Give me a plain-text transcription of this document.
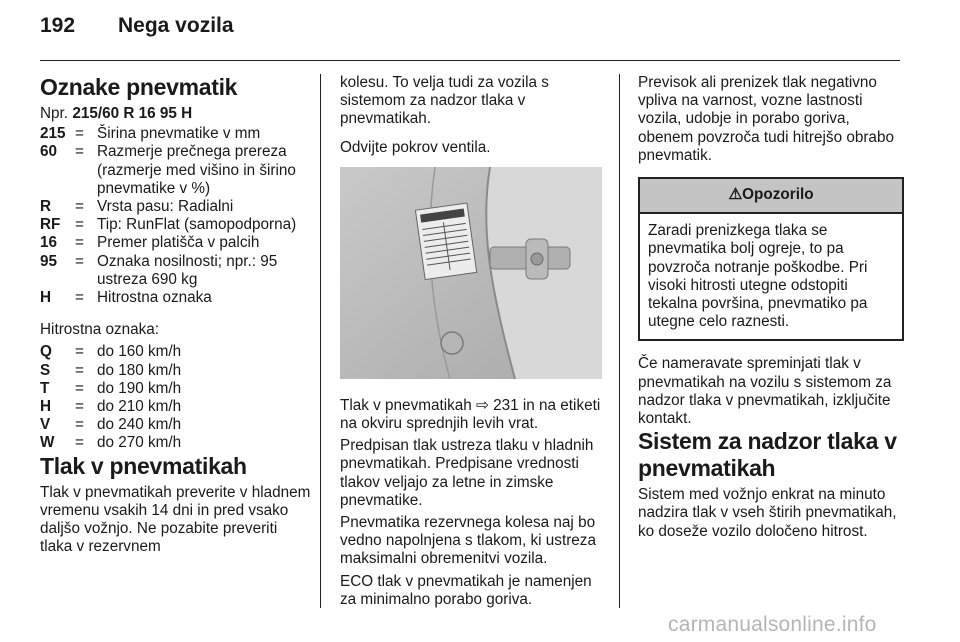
192 Nega vozila
Oznake pnevmatik

Npr. 215/60 R 16 95 H

215	=	Širina pnevmatike v mm
60	=	Razmerje prečnega prereza (razmerje med višino in širino pnevmatike v %)
R	=	Vrsta pasu: Radialni
RF	=	Tip: RunFlat (samopodporna)
16	=	Premer platišča v palcih
95	=	Oznaka nosilnosti; npr.: 95 ustreza 690 kg
H	=	Hitrostna oznaka

Hitrostna oznaka:

Q	=	do 160 km/h
S	=	do 180 km/h
T	=	do 190 km/h
H	=	do 210 km/h
V	=	do 240 km/h
W	=	do 270 km/h
Tlak v pnevmatikah

Tlak v pnevmatikah preverite v hladnem vremenu vsakih 14 dni in pred vsako daljšo vožnjo. Ne pozabite preveriti tlaka v rezervnem

kolesu. To velja tudi za vozila s sistemom za nadzor tlaka v pnevmatikah.

Odvijte pokrov ventila.

Tlak v pnevmatikah ⇨ 231 in na etiketi na okviru sprednjih levih vrat.

Predpisan tlak ustreza tlaku v hladnih pnevmatikah. Predpisane vrednosti tlakov veljajo za letne in zimske pnevmatike.

Pnevmatika rezervnega kolesa naj bo vedno napolnjena s tlakom, ki ustreza maksimalni obremenitvi vozila.

ECO tlak v pnevmatikah je namenjen za minimalno porabo goriva.

Previsok ali prenizek tlak negativno vpliva na varnost, vozne lastnosti vozila, udobje in porabo goriva, obenem povzroča tudi hitrejšo obrabo pnevmatik.

⚠Opozorilo
Zaradi prenizkega tlaka se pnevmatika bolj ogreje, to pa povzroča notranje poškodbe. Pri visoki hitrosti utegne odstopiti tekalna površina, pnevmatiko pa utegne celo raznesti.

Če nameravate spreminjati tlak v pnevmatikah na vozilu s sistemom za nadzor tlaka v pnevmatikah, izključite kontakt.

Sistem za nadzor tlaka v pnevmatikah

Sistem med vožnjo enkrat na minuto nadzira tlak v vseh štirih pnevmatikah, ko doseže vozilo določeno hitrost.

carmanualsonline.info
